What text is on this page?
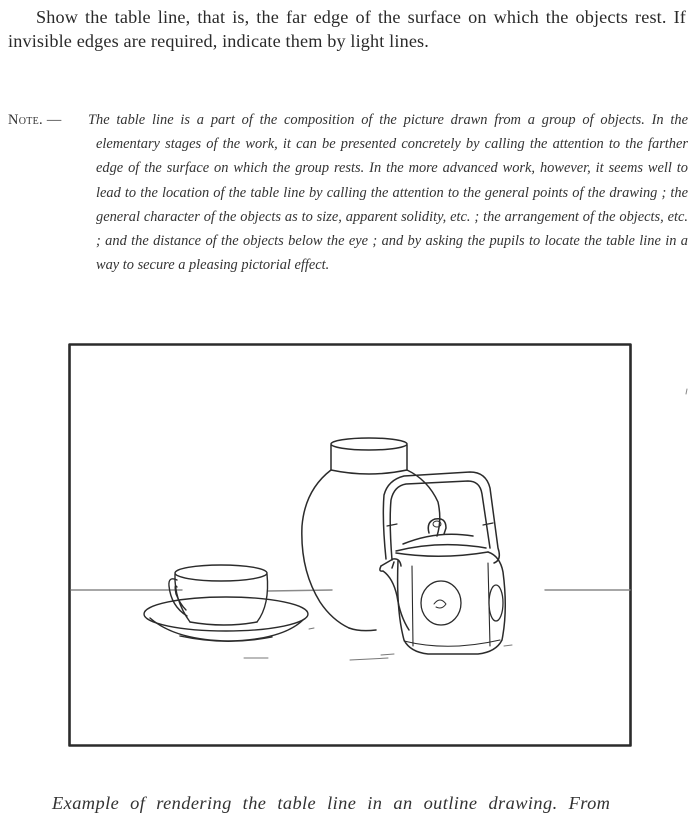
Show the table line, that is, the far edge of the surface on which the objects rest. If invisible edges are required, indicate them by light lines.
Note. — The table line is a part of the composition of the picture drawn from a group of objects. In the elementary stages of the work, it can be presented concretely by calling the attention to the farther edge of the surface on which the group rests. In the more advanced work, however, it seems well to lead to the location of the table line by calling the attention to the general points of the drawing ; the general character of the objects as to size, apparent solidity, etc. ; the arrangement of the objects, etc. ; and the distance of the objects below the eye ; and by asking the pupils to locate the table line in a way to secure a pleasing pictorial effect.
Example of rendering the table line in an outline drawing. From
